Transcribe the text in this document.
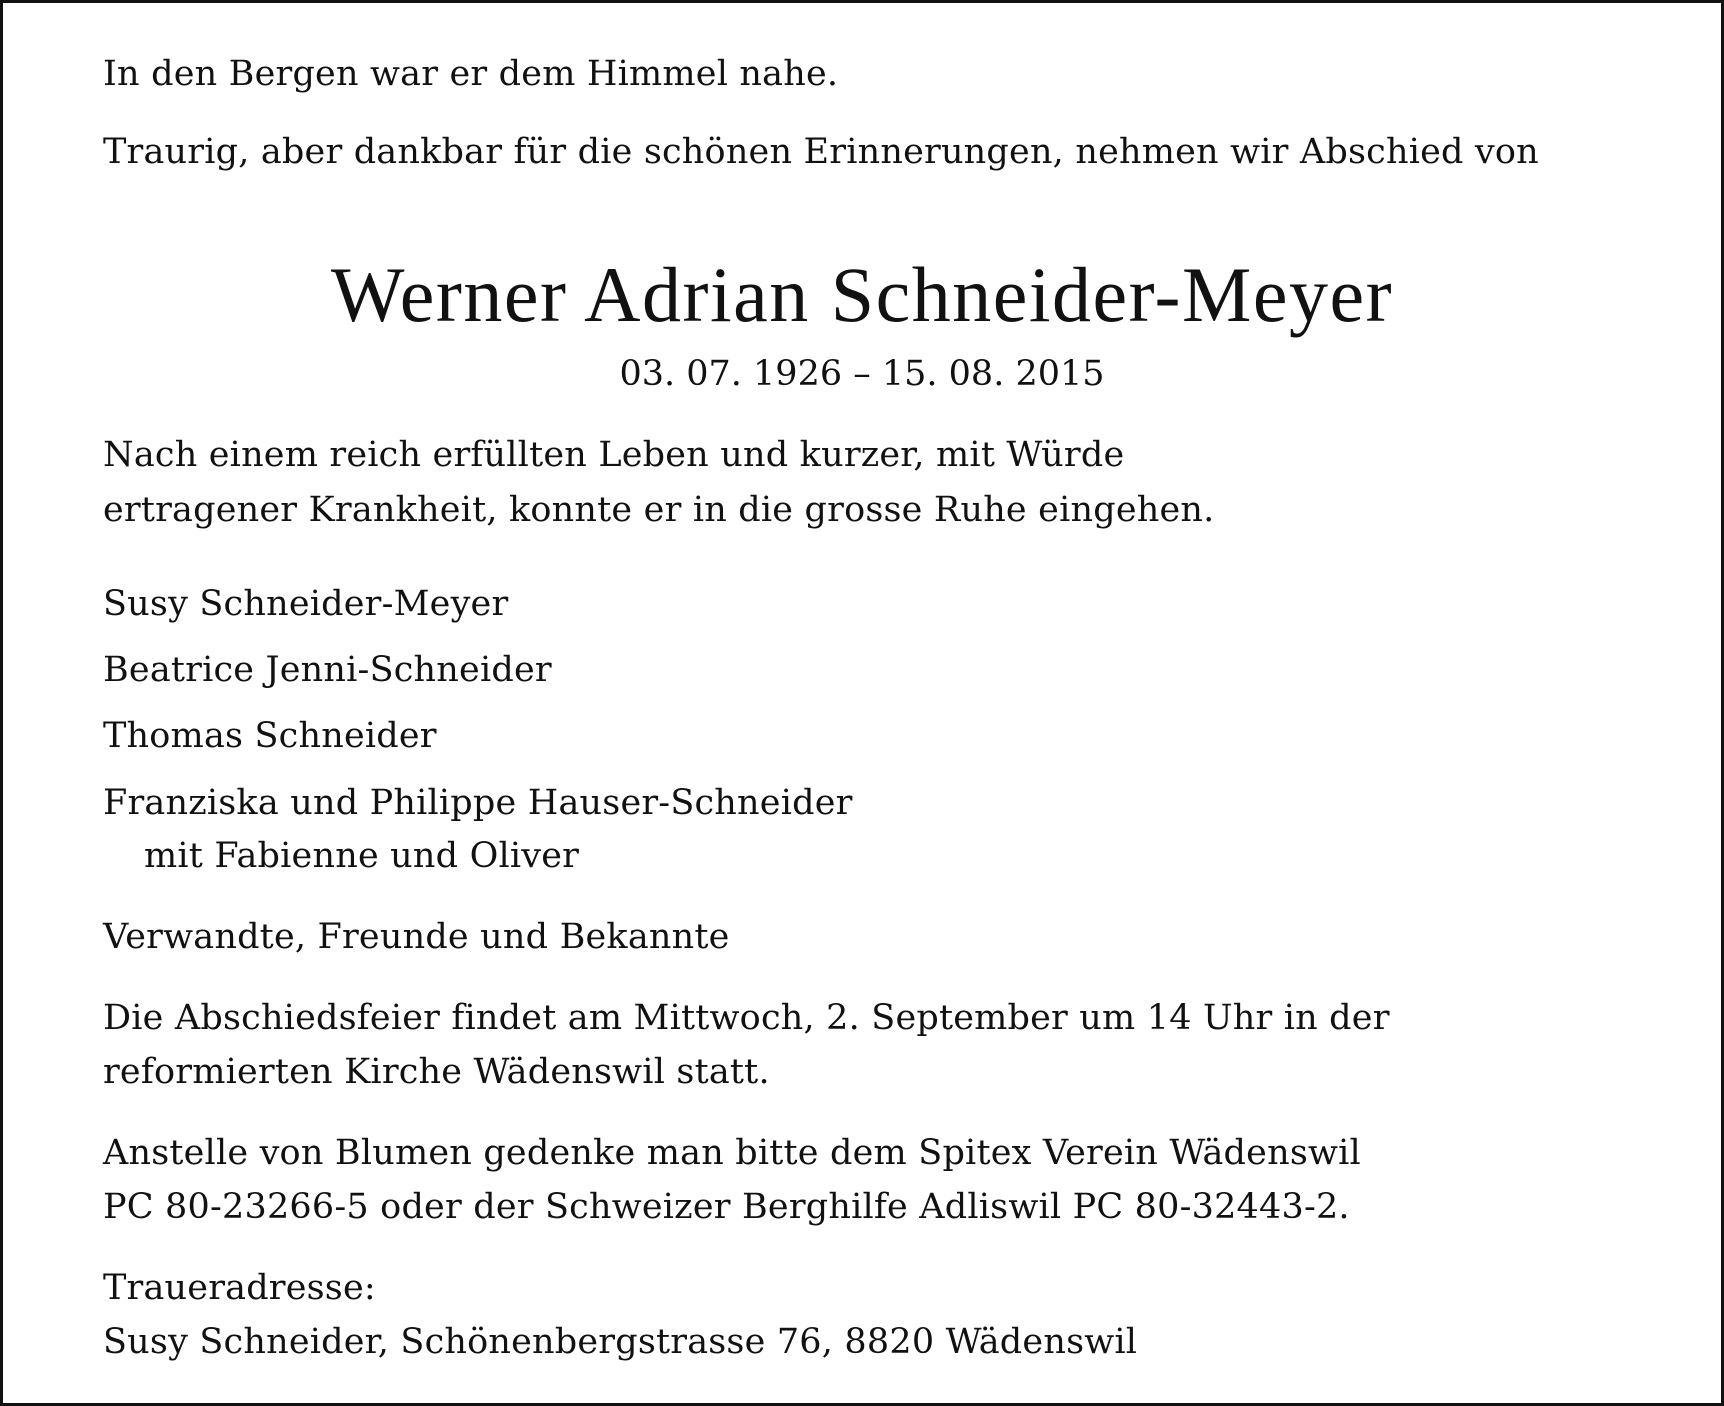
In den Bergen war er dem Himmel nahe.
Traurig, aber dankbar für die schönen Erinnerungen, nehmen wir Abschied von
Werner Adrian Schneider-Meyer
03. 07. 1926 – 15. 08. 2015
Nach einem reich erfüllten Leben und kurzer, mit Würde
ertragener Krankheit, konnte er in die grosse Ruhe eingehen.
Susy Schneider-Meyer
Beatrice Jenni-Schneider
Thomas Schneider
Franziska und Philippe Hauser-Schneider
mit Fabienne und Oliver
Verwandte, Freunde und Bekannte
Die Abschiedsfeier findet am Mittwoch, 2. September um 14 Uhr in der
reformierten Kirche Wädenswil statt.
Anstelle von Blumen gedenke man bitte dem Spitex Verein Wädenswil
PC 80-23266-5 oder der Schweizer Berghilfe Adliswil PC 80-32443-2.
Traueradresse:
Susy Schneider, Schönenbergstrasse 76, 8820 Wädenswil
